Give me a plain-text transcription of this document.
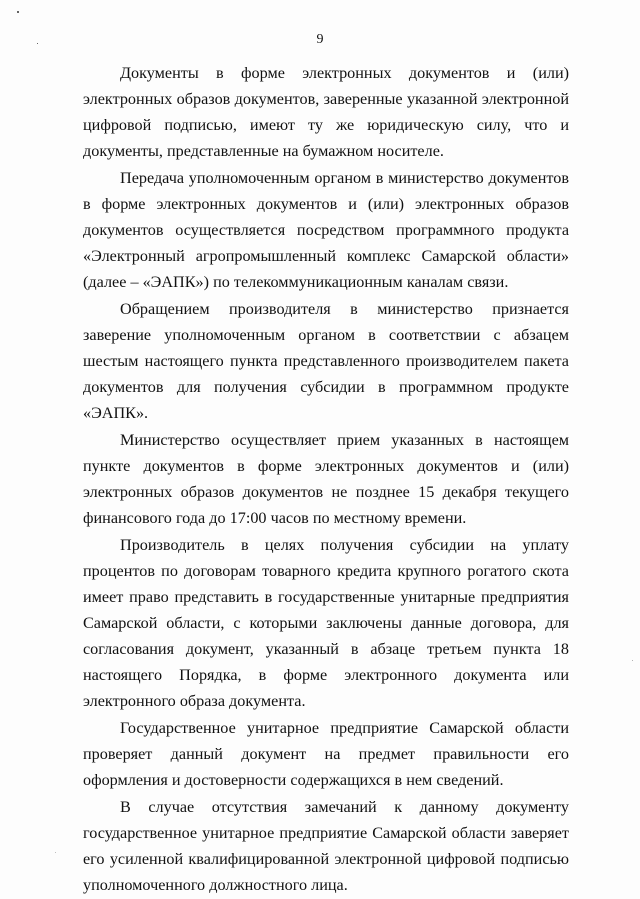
9

Документы в форме электронных документов и (или) электронных образов документов, заверенные указанной электронной цифровой подписью, имеют ту же юридическую силу, что и документы, представленные на бумажном носителе.

Передача уполномоченным органом в министерство документов в форме электронных документов и (или) электронных образов документов осуществляется посредством программного продукта «Электронный агропромышленный комплекс Самарской области» (далее – «ЭАПК») по телекоммуникационным каналам связи.

Обращением производителя в министерство признается заверение уполномоченным органом в соответствии с абзацем шестым настоящего пункта представленного производителем пакета документов для получения субсидии в программном продукте «ЭАПК».

Министерство осуществляет прием указанных в настоящем пункте документов в форме электронных документов и (или) электронных образов документов не позднее 15 декабря текущего финансового года до 17:00 часов по местному времени.

Производитель в целях получения субсидии на уплату процентов по договорам товарного кредита крупного рогатого скота имеет право представить в государственные унитарные предприятия Самарской области, с которыми заключены данные договора, для согласования документ, указанный в абзаце третьем пункта 18 настоящего Порядка, в форме электронного документа или электронного образа документа.

Государственное унитарное предприятие Самарской области проверяет данный документ на предмет правильности его оформления и достоверности содержащихся в нем сведений.

В случае отсутствия замечаний к данному документу государственное унитарное предприятие Самарской области заверяет его усиленной квалифицированной электронной цифровой подписью уполномоченного должностного лица.
